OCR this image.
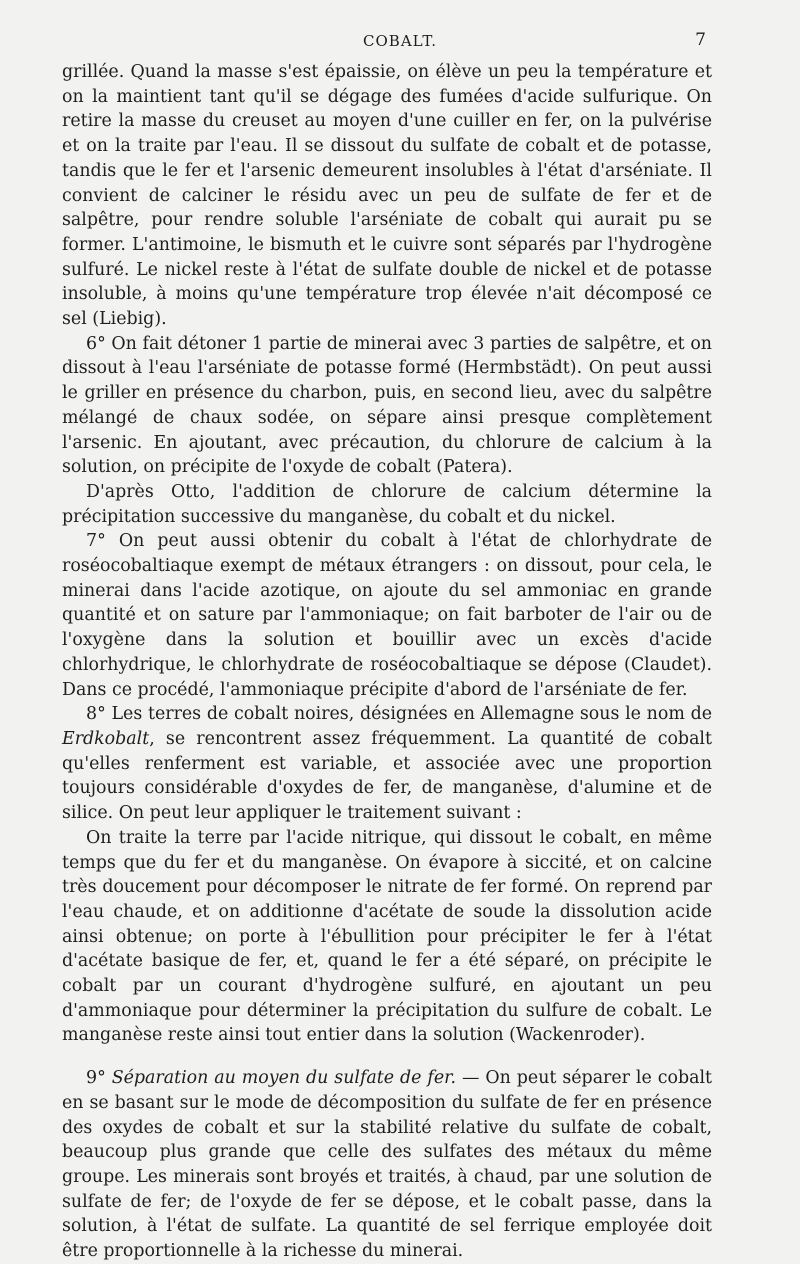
COBALT.	7

grillée. Quand la masse s'est épaissie, on élève un peu la température et on la maintient tant qu'il se dégage des fumées d'acide sulfurique. On retire la masse du creuset au moyen d'une cuiller en fer, on la pulvérise et on la traite par l'eau. Il se dissout du sulfate de cobalt et de potasse, tandis que le fer et l'arsenic demeurent insolubles à l'état d'arséniate. Il convient de calciner le résidu avec un peu de sulfate de fer et de salpêtre, pour rendre soluble l'arséniate de cobalt qui aurait pu se former. L'antimoine, le bismuth et le cuivre sont séparés par l'hydrogène sulfuré. Le nickel reste à l'état de sulfate double de nickel et de potasse insoluble, à moins qu'une température trop élevée n'ait décomposé ce sel (Liebig).

6° On fait détoner 1 partie de minerai avec 3 parties de salpêtre, et on dissout à l'eau l'arséniate de potasse formé (Hermbstädt). On peut aussi le griller en présence du charbon, puis, en second lieu, avec du salpêtre mélangé de chaux sodée, on sépare ainsi presque complètement l'arsenic. En ajoutant, avec précaution, du chlorure de calcium à la solution, on précipite de l'oxyde de cobalt (Patera).

D'après Otto, l'addition de chlorure de calcium détermine la précipitation successive du manganèse, du cobalt et du nickel.

7° On peut aussi obtenir du cobalt à l'état de chlorhydrate de roséocobaltiaque exempt de métaux étrangers : on dissout, pour cela, le minerai dans l'acide azotique, on ajoute du sel ammoniac en grande quantité et on sature par l'ammoniaque; on fait barboter de l'air ou de l'oxygène dans la solution et bouillir avec un excès d'acide chlorhydrique, le chlorhydrate de roséocobaltiaque se dépose (Claudet). Dans ce procédé, l'ammoniaque précipite d'abord de l'arséniate de fer.

8° Les terres de cobalt noires, désignées en Allemagne sous le nom de Erdkobalt, se rencontrent assez fréquemment. La quantité de cobalt qu'elles renferment est variable, et associée avec une proportion toujours considérable d'oxydes de fer, de manganèse, d'alumine et de silice. On peut leur appliquer le traitement suivant :

On traite la terre par l'acide nitrique, qui dissout le cobalt, en même temps que du fer et du manganèse. On évapore à siccité, et on calcine très doucement pour décomposer le nitrate de fer formé. On reprend par l'eau chaude, et on additionne d'acétate de soude la dissolution acide ainsi obtenue; on porte à l'ébullition pour précipiter le fer à l'état d'acétate basique de fer, et, quand le fer a été séparé, on précipite le cobalt par un courant d'hydrogène sulfuré, en ajoutant un peu d'ammoniaque pour déterminer la précipitation du sulfure de cobalt. Le manganèse reste ainsi tout entier dans la solution (Wackenroder).

9° Séparation au moyen du sulfate de fer. — On peut séparer le cobalt en se basant sur le mode de décomposition du sulfate de fer en présence des oxydes de cobalt et sur la stabilité relative du sulfate de cobalt, beaucoup plus grande que celle des sulfates des métaux du même groupe. Les minerais sont broyés et traités, à chaud, par une solution de sulfate de fer; de l'oxyde de fer se dépose, et le cobalt passe, dans la solution, à l'état de sulfate. La quantité de sel ferrique employée doit être proportionnelle à la richesse du minerai.
